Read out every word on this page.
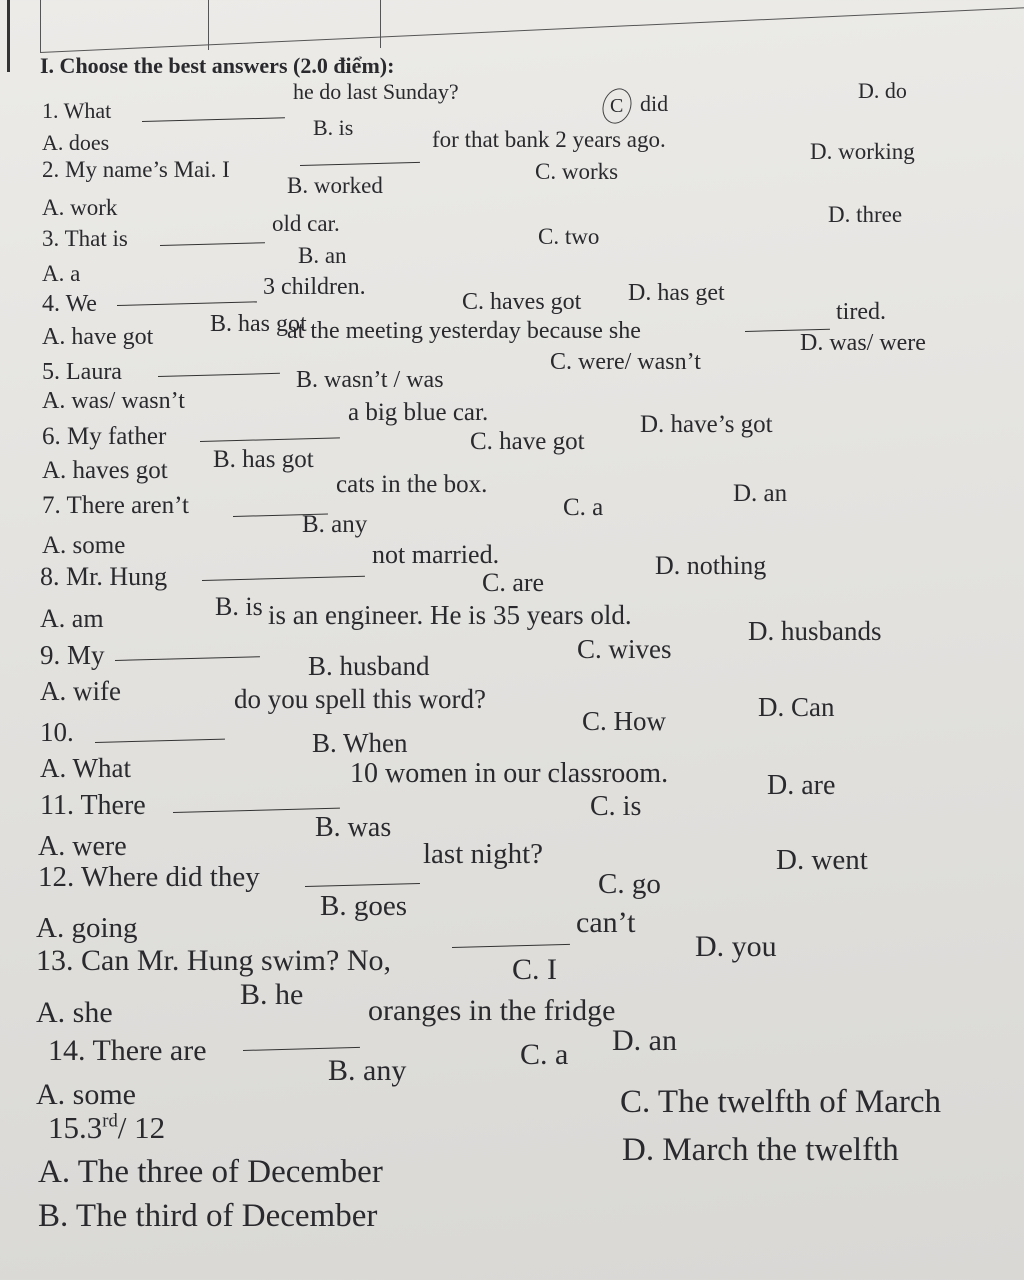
I. Choose the best answers (2.0 điểm):
1. What
he do last Sunday?
A. does
B. is
did
D. do
2. My name’s Mai. I
for that bank 2 years ago.
A. work
B. worked
C. works
D. working
3. That is
old car.
A. a
B. an
C. two
D. three
4. We
3 children.
A. have got B. has got
C. haves got D. has get
5. Laura
at the meeting yesterday because she
tired.
A. was/ wasn’t
B. wasn’t / was
C. were/ wasn’t
D. was/ were
6. My father
a big blue car.
A. haves got B. has got
C. have got
D. have’s got
7. There aren’t
cats in the box.
A. some
B. any
C. a
D. an
8. Mr. Hung
not married.
A. am	B. is
C. are
D. nothing
9. My
is an engineer. He is 35 years old.
A. wife
B. husband
C. wives
D. husbands
10.
do you spell this word?
A. What
B. When
C. How	D. Can
11. There
10 women in our classroom.
A. were
B. was
C. is
D. are
12. Where did they
last night?
A. going
B. goes
C. go
D. went
13. Can Mr. Hung swim? No,
can’t
A. she
B. he
C. I
D. you
14. There are
oranges in the fridge
A. some
B. any	C. a D. an
A. The three of December
B. The third of December
C. The twelfth of March
D. March the twelfth
C
15.3rd/ 12
